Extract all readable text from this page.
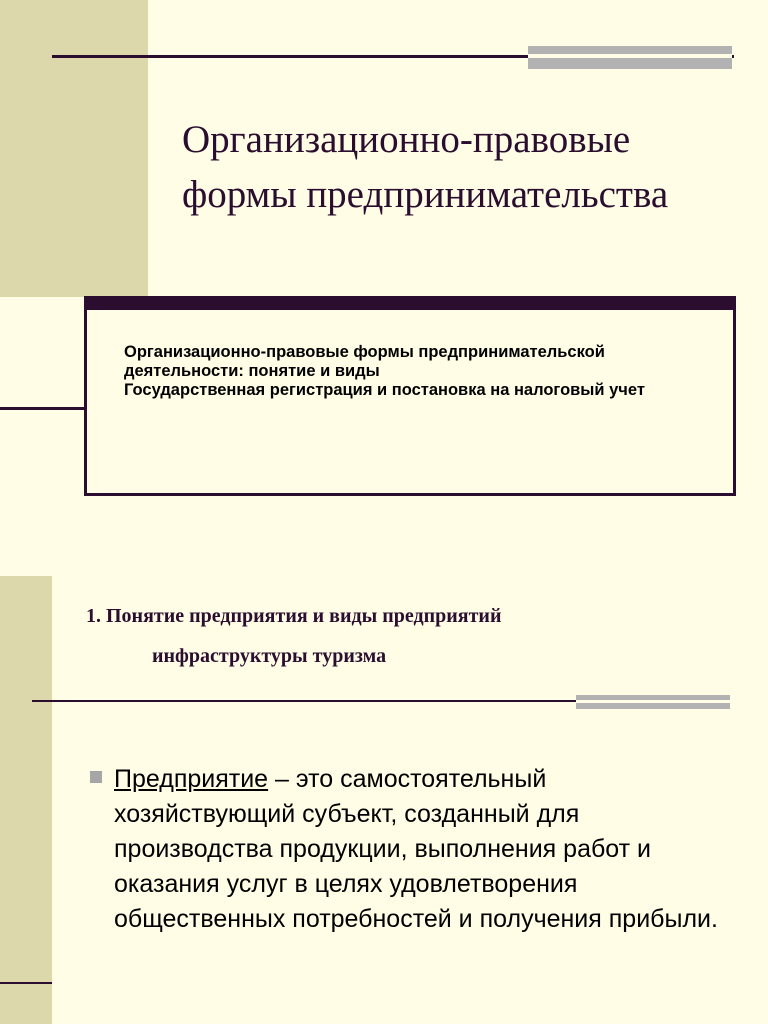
Организационно-правовые формы предпринимательства
Организационно-правовые формы предпринимательской деятельности: понятие и виды
Государственная регистрация и постановка на налоговый учет
1. Понятие предприятия и виды предприятий
инфраструктуры туризма
Предприятие – это самостоятельный хозяйствующий субъект, созданный для производства продукции, выполнения работ и оказания услуг в целях удовлетворения общественных потребностей и получения прибыли.
